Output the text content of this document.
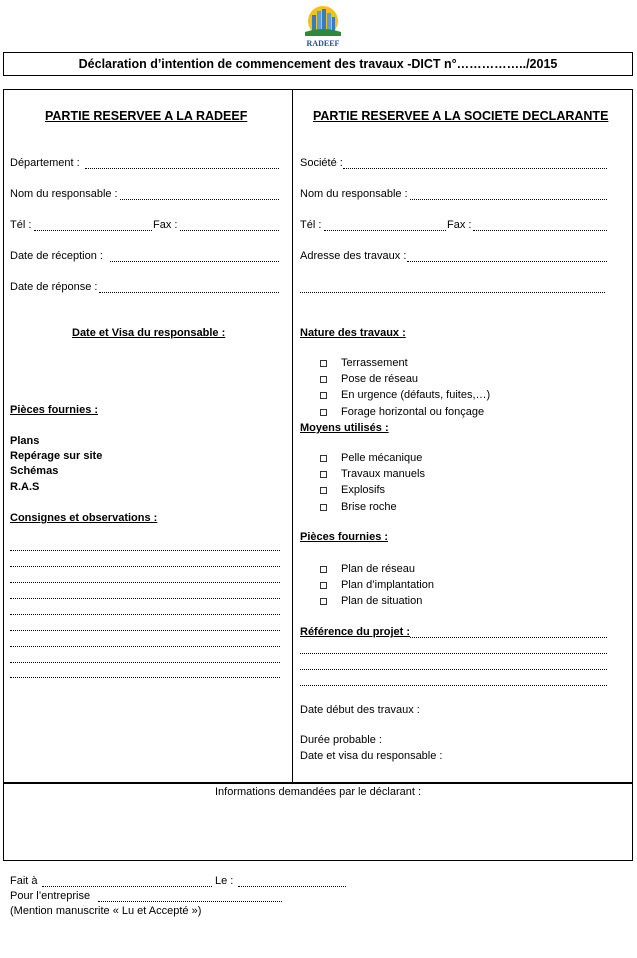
RADEEF
Déclaration d’intention de commencement des travaux -DICT n°……………../2015
PARTIE RESERVEE A LA RADEEF
Département :
Nom du responsable :
Tél :	Fax :
Date de réception :
Date de réponse :
Date et Visa du responsable :
Pièces fournies :
Plans
Repérage sur site
Schémas
R.A.S
Consignes et observations :
PARTIE RESERVEE A LA SOCIETE DECLARANTE
Société :
Nom du responsable :
Tél :	Fax :
Adresse des travaux :
Nature des travaux :
Terrassement
Pose de réseau
En urgence (défauts, fuites,…)
Forage horizontal ou fonçage
Moyens utilisés :
Pelle mécanique
Travaux manuels
Explosifs
Brise roche
Pièces fournies :
Plan de réseau
Plan d’implantation
Plan de situation
Référence du projet :
Date début des travaux :
Durée probable :
Date et visa du responsable :
Informations demandées par le déclarant :
Fait à	Le :
Pour l’entreprise
(Mention manuscrite « Lu et Accepté »)
